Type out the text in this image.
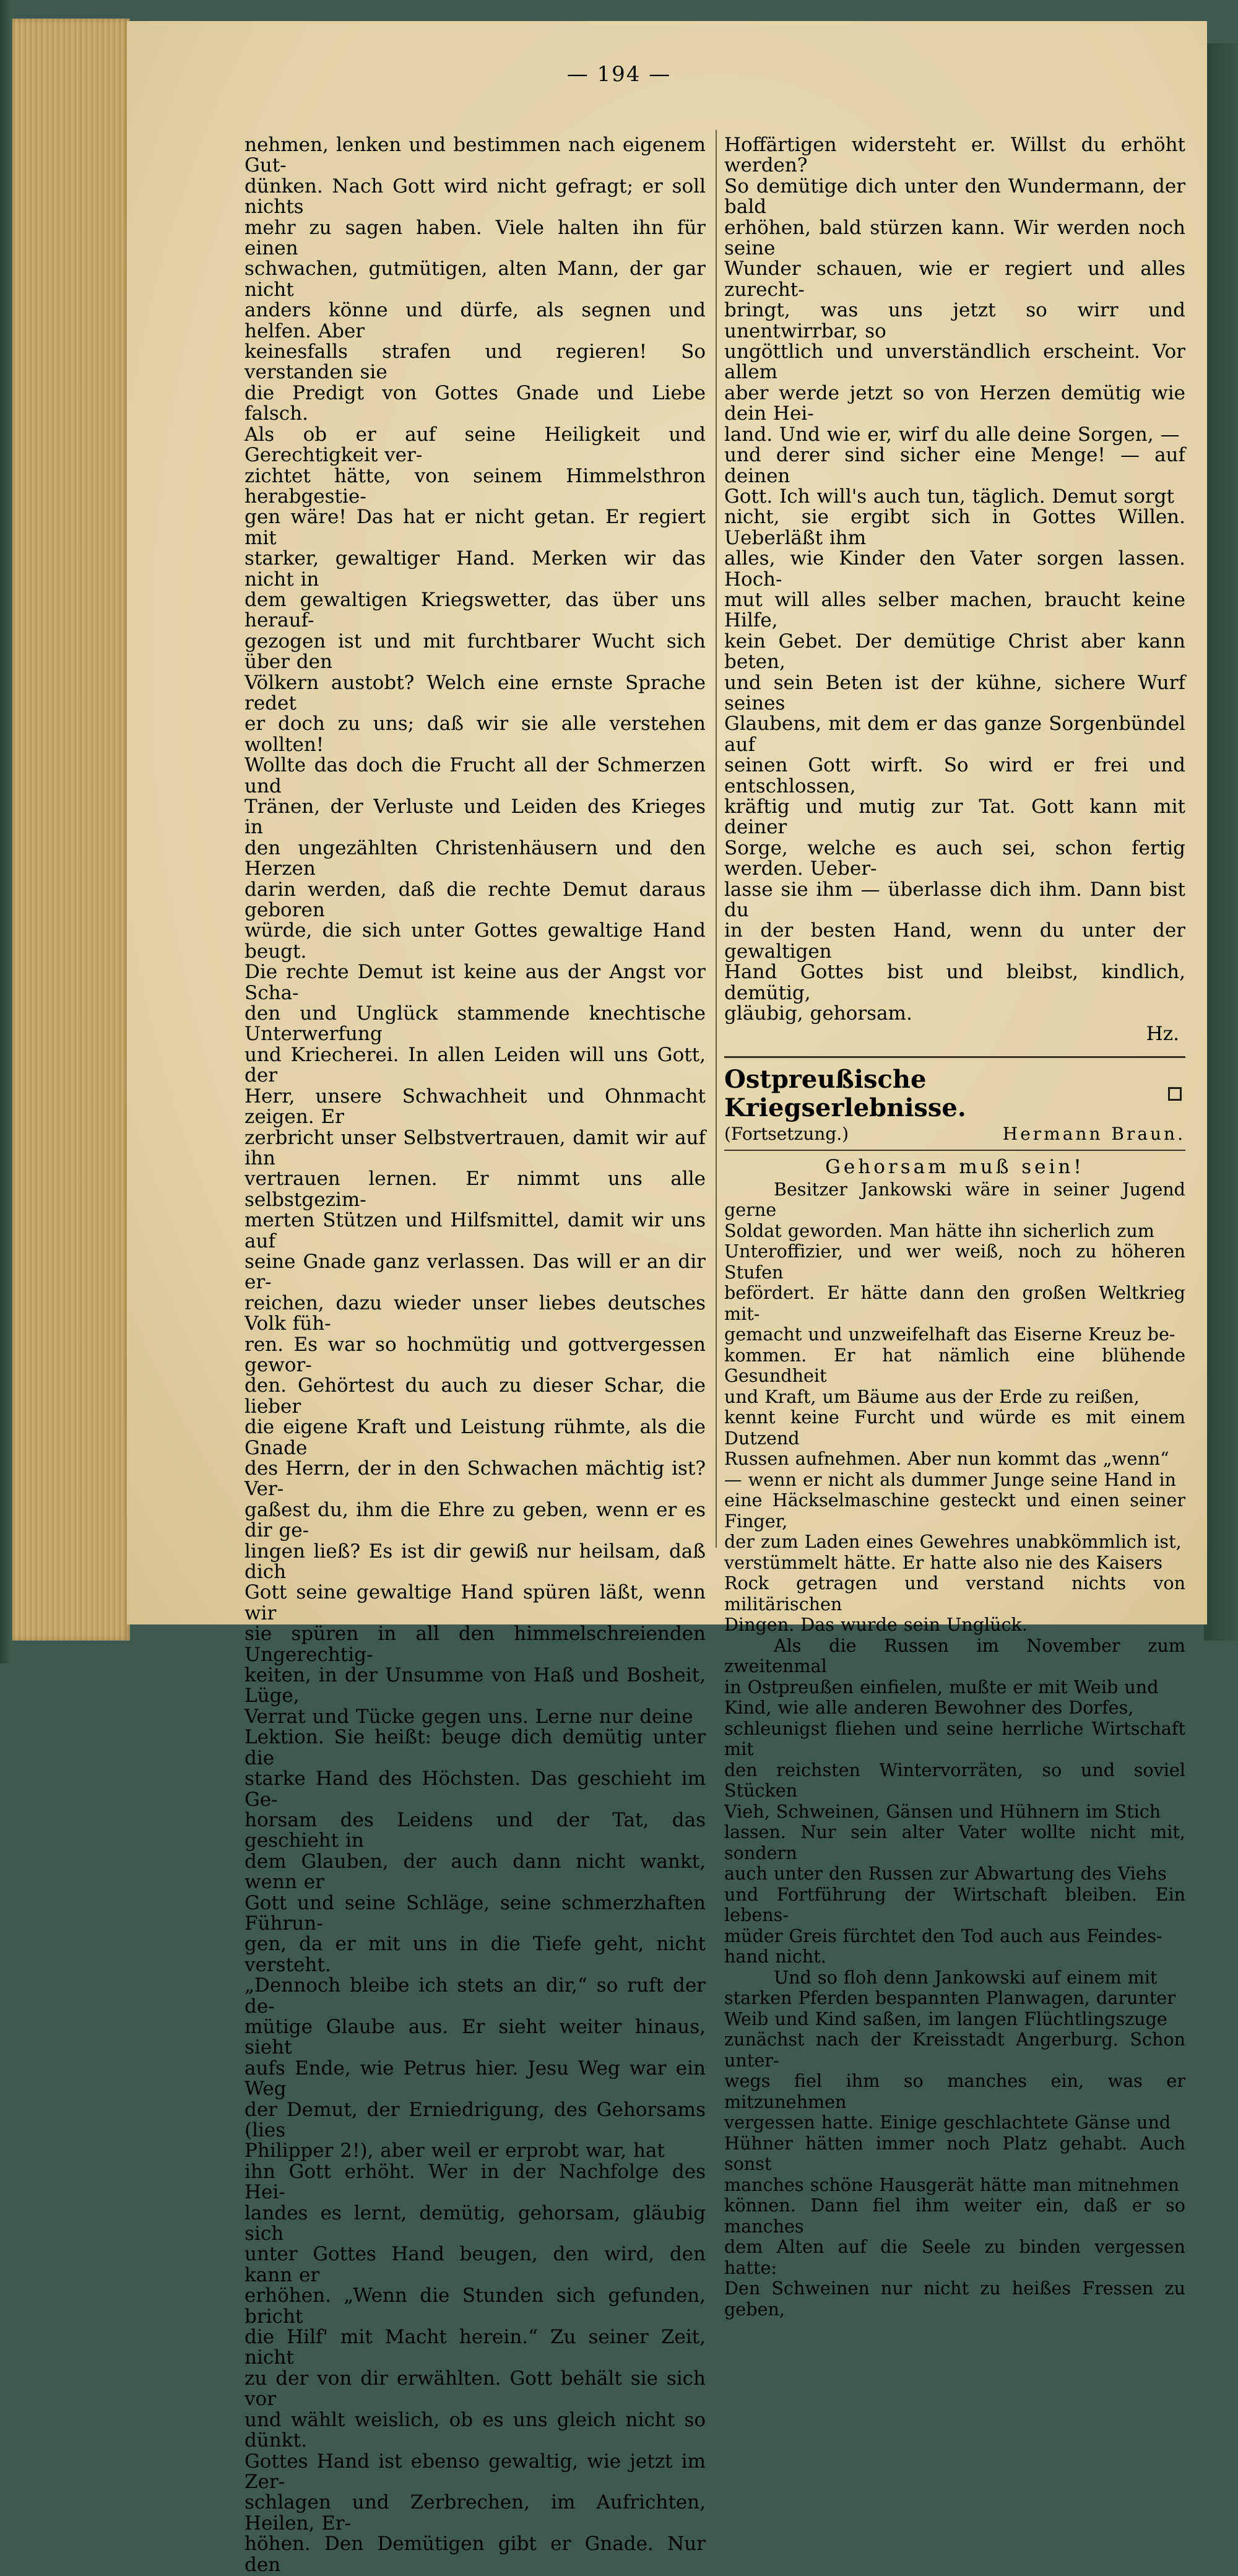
— 194 —

nehmen, lenken und bestimmen nach eigenem Gut-

dünken. Nach Gott wird nicht gefragt; er soll nichts

mehr zu sagen haben. Viele halten ihn für einen

schwachen, gutmütigen, alten Mann, der gar nicht

anders könne und dürfe, als segnen und helfen. Aber

keinesfalls strafen und regieren! So verstanden sie

die Predigt von Gottes Gnade und Liebe falsch.

Als ob er auf seine Heiligkeit und Gerechtigkeit ver-

zichtet hätte, von seinem Himmelsthron herabgestie-

gen wäre! Das hat er nicht getan. Er regiert mit

starker, gewaltiger Hand. Merken wir das nicht in

dem gewaltigen Kriegswetter, das über uns herauf-

gezogen ist und mit furchtbarer Wucht sich über den

Völkern austobt? Welch eine ernste Sprache redet

er doch zu uns; daß wir sie alle verstehen wollten!

Wollte das doch die Frucht all der Schmerzen und

Tränen, der Verluste und Leiden des Krieges in

den ungezählten Christenhäusern und den Herzen

darin werden, daß die rechte Demut daraus geboren

würde, die sich unter Gottes gewaltige Hand beugt.

Die rechte Demut ist keine aus der Angst vor Scha-

den und Unglück stammende knechtische Unterwerfung

und Kriecherei. In allen Leiden will uns Gott, der

Herr, unsere Schwachheit und Ohnmacht zeigen. Er

zerbricht unser Selbstvertrauen, damit wir auf ihn

vertrauen lernen. Er nimmt uns alle selbstgezim-

merten Stützen und Hilfsmittel, damit wir uns auf

seine Gnade ganz verlassen. Das will er an dir er-

reichen, dazu wieder unser liebes deutsches Volk füh-

ren. Es war so hochmütig und gottvergessen gewor-

den. Gehörtest du auch zu dieser Schar, die lieber

die eigene Kraft und Leistung rühmte, als die Gnade

des Herrn, der in den Schwachen mächtig ist? Ver-

gaßest du, ihm die Ehre zu geben, wenn er es dir ge-

lingen ließ? Es ist dir gewiß nur heilsam, daß dich

Gott seine gewaltige Hand spüren läßt, wenn wir

sie spüren in all den himmelschreienden Ungerechtig-

keiten, in der Unsumme von Haß und Bosheit, Lüge,

Verrat und Tücke gegen uns. Lerne nur deine

Lektion. Sie heißt: beuge dich demütig unter die

starke Hand des Höchsten. Das geschieht im Ge-

horsam des Leidens und der Tat, das geschieht in

dem Glauben, der auch dann nicht wankt, wenn er

Gott und seine Schläge, seine schmerzhaften Führun-

gen, da er mit uns in die Tiefe geht, nicht versteht.

„Dennoch bleibe ich stets an dir,“ so ruft der de-

mütige Glaube aus. Er sieht weiter hinaus, sieht

aufs Ende, wie Petrus hier. Jesu Weg war ein Weg

der Demut, der Erniedrigung, des Gehorsams (lies

Philipper 2!), aber weil er erprobt war, hat

ihn Gott erhöht. Wer in der Nachfolge des Hei-

landes es lernt, demütig, gehorsam, gläubig sich

unter Gottes Hand beugen, den wird, den kann er

erhöhen. „Wenn die Stunden sich gefunden, bricht

die Hilf' mit Macht herein.“ Zu seiner Zeit, nicht

zu der von dir erwählten. Gott behält sie sich vor

und wählt weislich, ob es uns gleich nicht so dünkt.

Gottes Hand ist ebenso gewaltig, wie jetzt im Zer-

schlagen und Zerbrechen, im Aufrichten, Heilen, Er-

höhen. Den Demütigen gibt er Gnade. Nur den

Hoffärtigen widersteht er. Willst du erhöht werden?

So demütige dich unter den Wundermann, der bald

erhöhen, bald stürzen kann. Wir werden noch seine

Wunder schauen, wie er regiert und alles zurecht-

bringt, was uns jetzt so wirr und unentwirrbar, so

ungöttlich und unverständlich erscheint. Vor allem

aber werde jetzt so von Herzen demütig wie dein Hei-

land. Und wie er, wirf du alle deine Sorgen, —

und derer sind sicher eine Menge! — auf deinen

Gott. Ich will's auch tun, täglich. Demut sorgt

nicht, sie ergibt sich in Gottes Willen. Ueberläßt ihm

alles, wie Kinder den Vater sorgen lassen. Hoch-

mut will alles selber machen, braucht keine Hilfe,

kein Gebet. Der demütige Christ aber kann beten,

und sein Beten ist der kühne, sichere Wurf seines

Glaubens, mit dem er das ganze Sorgenbündel auf

seinen Gott wirft. So wird er frei und entschlossen,

kräftig und mutig zur Tat. Gott kann mit deiner

Sorge, welche es auch sei, schon fertig werden. Ueber-

lasse sie ihm — überlasse dich ihm. Dann bist du

in der besten Hand, wenn du unter der gewaltigen

Hand Gottes bist und bleibst, kindlich, demütig,

gläubig, gehorsam.

Hz.

Ostpreußische Kriegserlebnisse.
(Fortsetzung.)	Hermann Braun.
Gehorsam muß sein!

Besitzer Jankowski wäre in seiner Jugend gerne

Soldat geworden. Man hätte ihn sicherlich zum

Unteroffizier, und wer weiß, noch zu höheren Stufen

befördert. Er hätte dann den großen Weltkrieg mit-

gemacht und unzweifelhaft das Eiserne Kreuz be-

kommen. Er hat nämlich eine blühende Gesundheit

und Kraft, um Bäume aus der Erde zu reißen,

kennt keine Furcht und würde es mit einem Dutzend

Russen aufnehmen. Aber nun kommt das „wenn“

— wenn er nicht als dummer Junge seine Hand in

eine Häckselmaschine gesteckt und einen seiner Finger,

der zum Laden eines Gewehres unabkömmlich ist,

verstümmelt hätte. Er hatte also nie des Kaisers

Rock getragen und verstand nichts von militärischen

Dingen. Das wurde sein Unglück.

Als die Russen im November zum zweitenmal

in Ostpreußen einfielen, mußte er mit Weib und

Kind, wie alle anderen Bewohner des Dorfes,

schleunigst fliehen und seine herrliche Wirtschaft mit

den reichsten Wintervorräten, so und soviel Stücken

Vieh, Schweinen, Gänsen und Hühnern im Stich

lassen. Nur sein alter Vater wollte nicht mit, sondern

auch unter den Russen zur Abwartung des Viehs

und Fortführung der Wirtschaft bleiben. Ein lebens-

müder Greis fürchtet den Tod auch aus Feindes-

hand nicht.

Und so floh denn Jankowski auf einem mit

starken Pferden bespannten Planwagen, darunter

Weib und Kind saßen, im langen Flüchtlingszuge

zunächst nach der Kreisstadt Angerburg. Schon unter-

wegs fiel ihm so manches ein, was er mitzunehmen

vergessen hatte. Einige geschlachtete Gänse und

Hühner hätten immer noch Platz gehabt. Auch sonst

manches schöne Hausgerät hätte man mitnehmen

können. Dann fiel ihm weiter ein, daß er so manches

dem Alten auf die Seele zu binden vergessen hatte:

Den Schweinen nur nicht zu heißes Fressen zu geben,
